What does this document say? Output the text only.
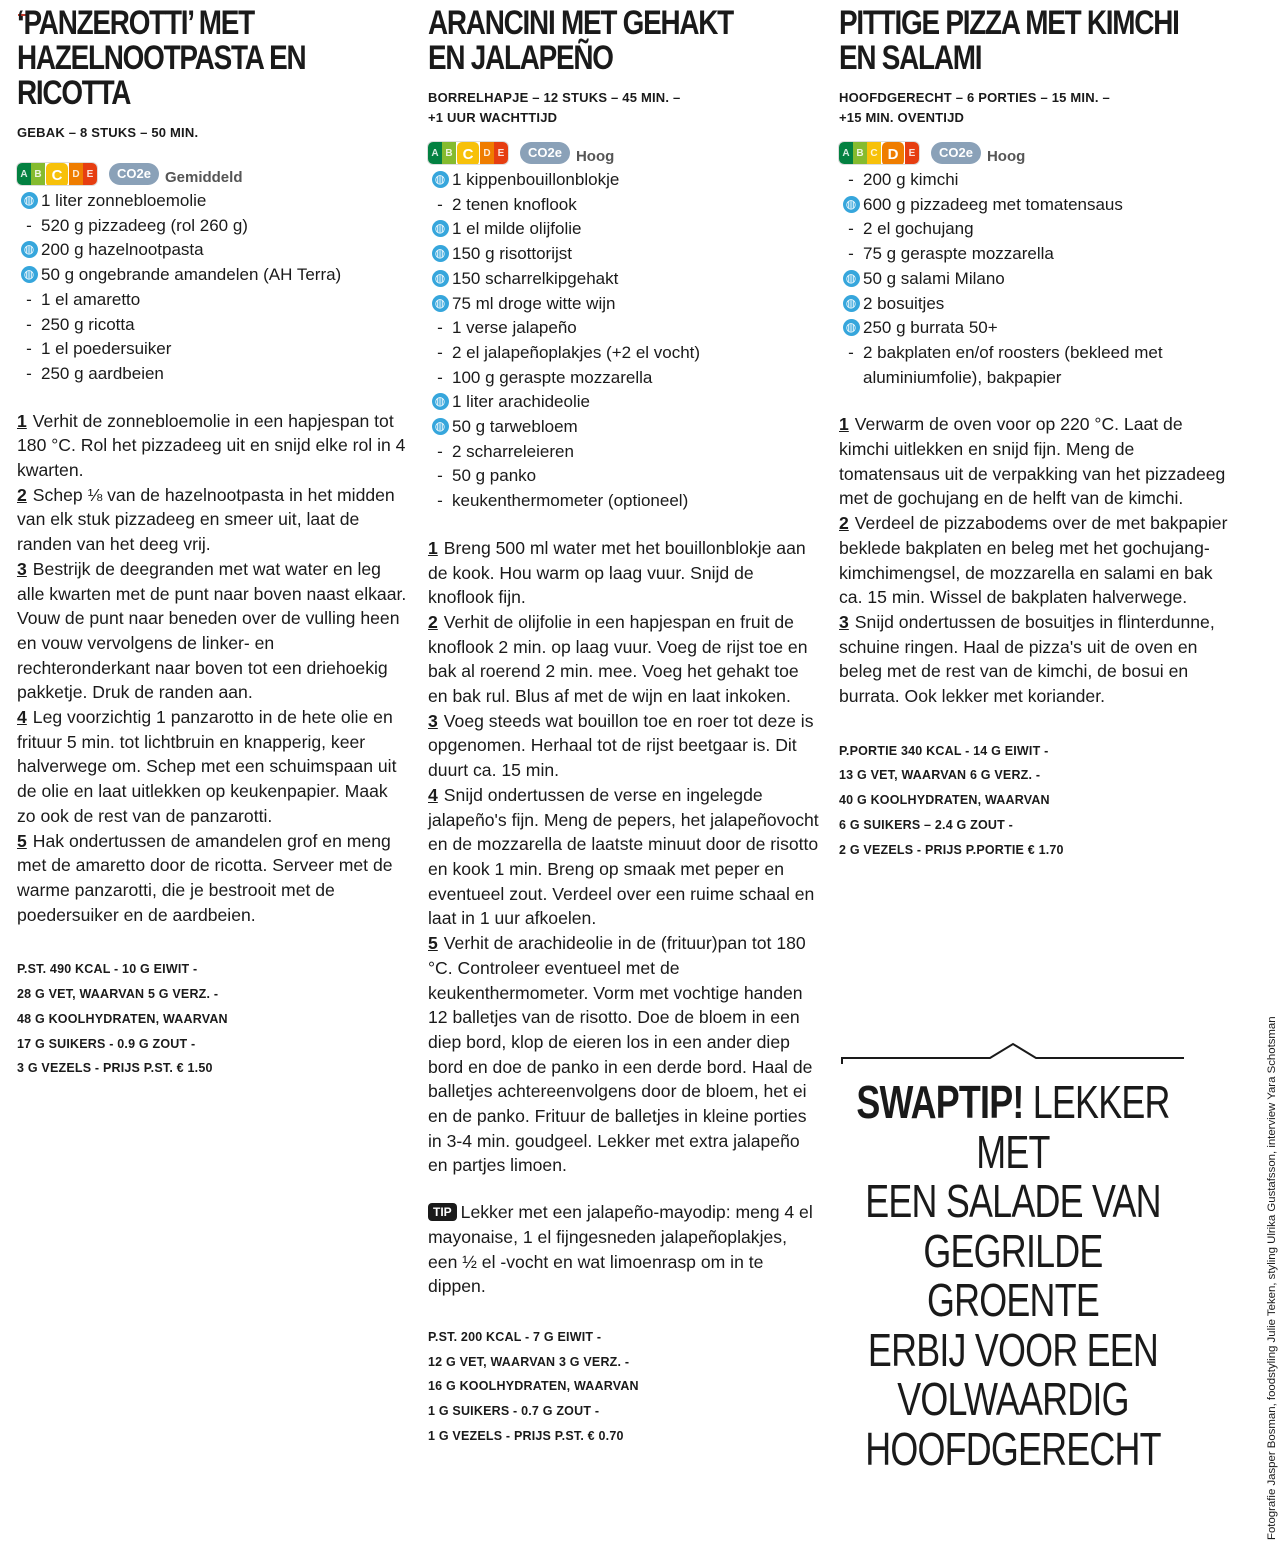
‘PANZEROTTI’ MET
HAZELNOOTPASTA EN RICOTTA
GEBAK – 8 STUKS – 50 MIN.
A B C D E	CO2e Gemiddeld
◍ 1 liter zonnebloemolie
- 520 g pizzadeeg (rol 260 g)
◍ 200 g hazelnootpasta
◍ 50 g ongebrande amandelen (AH Terra)
- 1 el amaretto
- 250 g ricotta
- 1 el poedersuiker
- 250 g aardbeien
1 Verhit de zonnebloemolie in een hapjespan tot 180 °C. Rol het pizzadeeg uit en snijd elke rol in 4 kwarten.
2 Schep ⅛ van de hazelnootpasta in het midden van elk stuk pizzadeeg en smeer uit, laat de randen van het deeg vrij.
3 Bestrijk de deegranden met wat water en leg alle kwarten met de punt naar boven naast elkaar. Vouw de punt naar beneden over de vulling heen en vouw vervolgens de linker- en rechteronderkant naar boven tot een driehoekig pakketje. Druk de randen aan.
4 Leg voorzichtig 1 panzarotto in de hete olie en frituur 5 min. tot lichtbruin en knapperig, keer halverwege om. Schep met een schuimspaan uit de olie en laat uitlekken op keukenpapier. Maak zo ook de rest van de panzarotti.
5 Hak ondertussen de amandelen grof en meng met de amaretto door de ricotta. Serveer met de warme panzarotti, die je bestrooit met de poedersuiker en de aardbeien.
P.ST. 490 KCAL - 10 G EIWIT -
28 G VET, WAARVAN 5 G VERZ. -
48 G KOOLHYDRATEN, WAARVAN
17 G SUIKERS - 0.9 G ZOUT -
3 G VEZELS - PRIJS P.ST. € 1.50
ARANCINI MET GEHAKT
EN JALAPEÑO
BORRELHAPJE – 12 STUKS – 45 MIN. –
+1 UUR WACHTTIJD
A B C D E	CO2e Hoog
◍ 1 kippenbouillonblokje
- 2 tenen knoflook
◍ 1 el milde olijfolie
◍ 150 g risottorijst
◍ 150 scharrelkipgehakt
◍ 75 ml droge witte wijn
- 1 verse jalapeño
- 2 el jalapeñoplakjes (+2 el vocht)
- 100 g geraspte mozzarella
◍ 1 liter arachideolie
◍ 50 g tarwebloem
- 2 scharreleieren
- 50 g panko
- keukenthermometer (optioneel)
1 Breng 500 ml water met het bouillonblokje aan de kook. Hou warm op laag vuur. Snijd de knoflook fijn.
2 Verhit de olijfolie in een hapjespan en fruit de knoflook 2 min. op laag vuur. Voeg de rijst toe en bak al roerend 2 min. mee. Voeg het gehakt toe en bak rul. Blus af met de wijn en laat inkoken.
3 Voeg steeds wat bouillon toe en roer tot deze is opgenomen. Herhaal tot de rijst beetgaar is. Dit duurt ca. 15 min.
4 Snijd ondertussen de verse en ingelegde jalapeño's fijn. Meng de pepers, het jalapeñovocht en de mozzarella de laatste minuut door de risotto en kook 1 min. Breng op smaak met peper en eventueel zout. Verdeel over een ruime schaal en laat in 1 uur afkoelen.
5 Verhit de arachideolie in de (frituur)pan tot 180 °C. Controleer eventueel met de keukenthermometer. Vorm met vochtige handen 12 balletjes van de risotto. Doe de bloem in een diep bord, klop de eieren los in een ander diep bord en doe de panko in een derde bord. Haal de balletjes achtereenvolgens door de bloem, het ei en de panko. Frituur de balletjes in kleine porties in 3-4 min. goudgeel. Lekker met extra jalapeño en partjes limoen.
TIP Lekker met een jalapeño-mayodip: meng 4 el mayonaise, 1 el fijngesneden jalapeñoplakjes, een ½ el -vocht en wat limoenrasp om in te dippen.
P.ST. 200 KCAL - 7 G EIWIT -
12 G VET, WAARVAN 3 G VERZ. -
16 G KOOLHYDRATEN, WAARVAN
1 G SUIKERS - 0.7 G ZOUT -
1 G VEZELS - PRIJS P.ST. € 0.70
PITTIGE PIZZA MET KIMCHI
EN SALAMI
HOOFDGERECHT – 6 PORTIES – 15 MIN. –
+15 MIN. OVENTIJD
A B C D	E	CO2e Hoog
- 200 g kimchi
◍ 600 g pizzadeeg met tomatensaus
- 2 el gochujang
- 75 g geraspte mozzarella
◍ 50 g salami Milano
◍ 2 bosuitjes
◍ 250 g burrata 50+
- 2 bakplaten en/of roosters (bekleed met aluminiumfolie), bakpapier
1 Verwarm de oven voor op 220 °C. Laat de kimchi uitlekken en snijd fijn. Meng de tomatensaus uit de verpakking van het pizzadeeg met de gochujang en de helft van de kimchi.
2 Verdeel de pizzabodems over de met bakpapier beklede bakplaten en beleg met het gochujang-kimchimengsel, de mozzarella en salami en bak ca. 15 min. Wissel de bakplaten halverwege.
3 Snijd ondertussen de bosuitjes in flinterdunne, schuine ringen. Haal de pizza's uit de oven en beleg met de rest van de kimchi, de bosui en burrata. Ook lekker met koriander.
P.PORTIE 340 KCAL - 14 G EIWIT -
13 G VET, WAARVAN 6 G VERZ. -
40 G KOOLHYDRATEN, WAARVAN
6 G SUIKERS – 2.4 G ZOUT -
2 G VEZELS - PRIJS P.PORTIE € 1.70
SWAPTIP! LEKKER MET
EEN SALADE VAN
GEGRILDE GROENTE
ERBIJ VOOR EEN
VOLWAARDIG
HOOFDGERECHT	Fotografie Jasper Bosman, foodstyling Julie Teken, styling Ulrika Gustafsson, interview Yara Schotsman
